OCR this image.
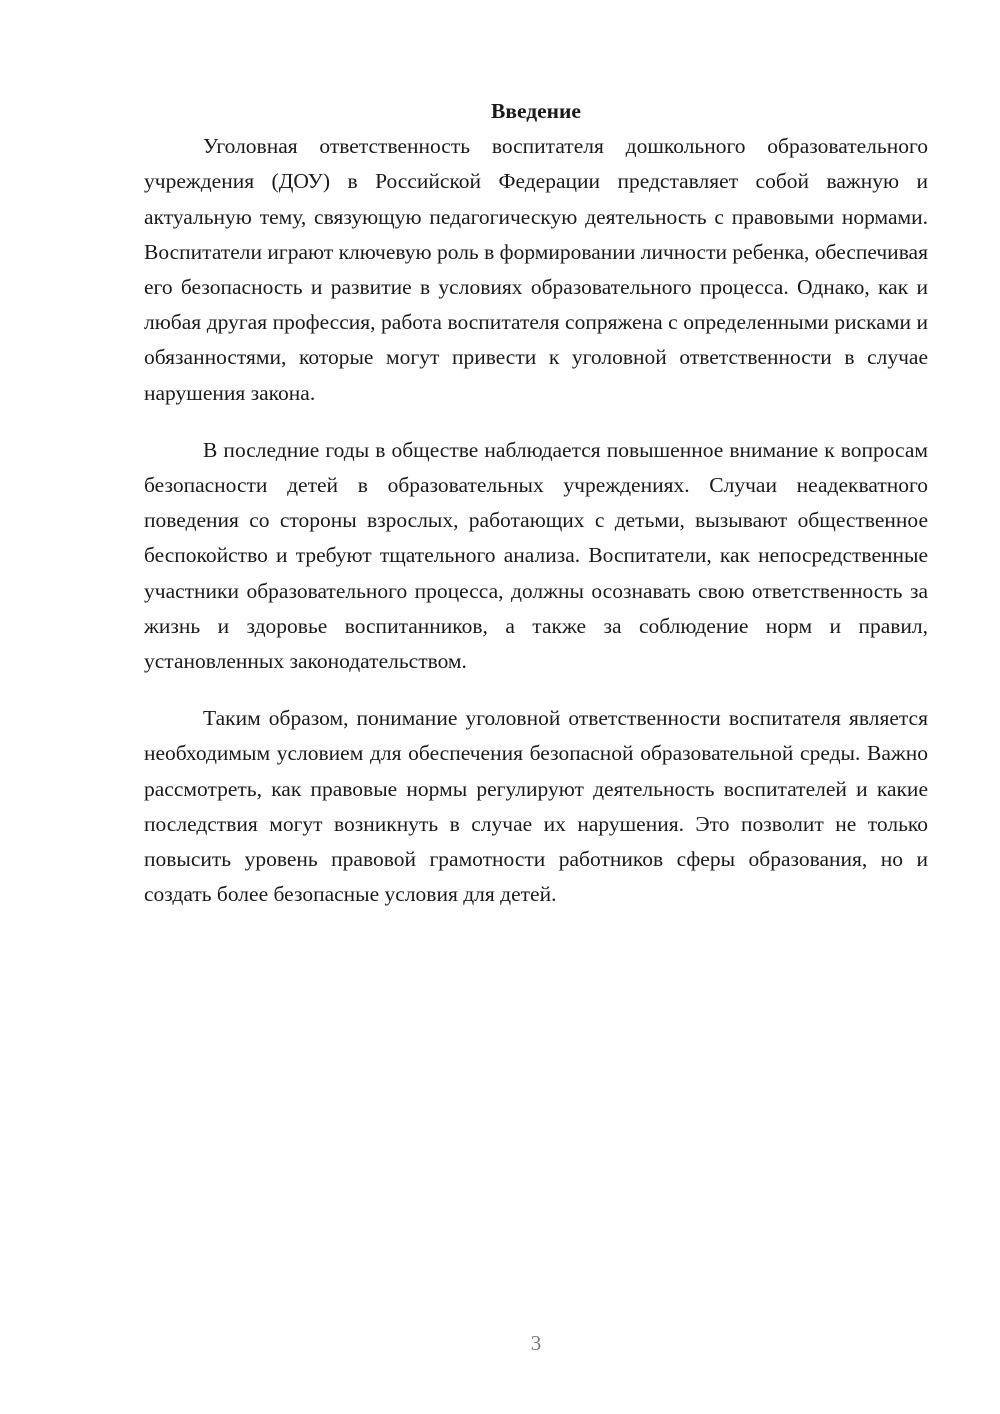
Введение

Уголовная ответственность воспитателя дошкольного образовательного учреждения (ДОУ) в Российской Федерации представляет собой важную и актуальную тему, связующую педагогическую деятельность с правовыми нормами. Воспитатели играют ключевую роль в формировании личности ребенка, обеспечивая его безопасность и развитие в условиях образовательного процесса. Однако, как и любая другая профессия, работа воспитателя сопряжена с определенными рисками и обязанностями, которые могут привести к уголовной ответственности в случае нарушения закона.

В последние годы в обществе наблюдается повышенное внимание к вопросам безопасности детей в образовательных учреждениях. Случаи неадекватного поведения со стороны взрослых, работающих с детьми, вызывают общественное беспокойство и требуют тщательного анализа. Воспитатели, как непосредственные участники образовательного процесса, должны осознавать свою ответственность за жизнь и здоровье воспитанников, а также за соблюдение норм и правил, установленных законодательством.

Таким образом, понимание уголовной ответственности воспитателя является необходимым условием для обеспечения безопасной образовательной среды. Важно рассмотреть, как правовые нормы регулируют деятельность воспитателей и какие последствия могут возникнуть в случае их нарушения. Это позволит не только повысить уровень правовой грамотности работников сферы образования, но и создать более безопасные условия для детей.

3
